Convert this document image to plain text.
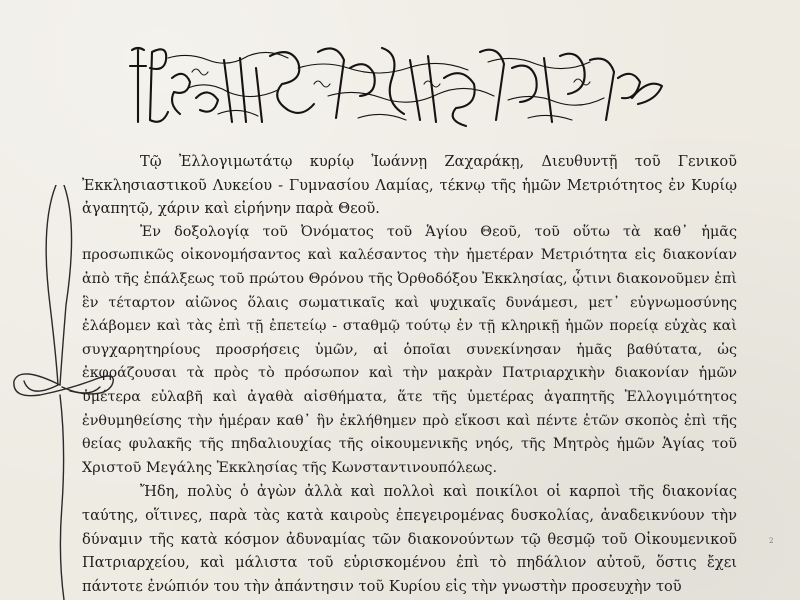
Τῷ Ἐλλογιμωτάτῳ κυρίῳ Ἰωάννῃ Ζαχαράκῃ, Διευθυντῇ τοῦ Γενικοῦ Ἐκκλησιαστικοῦ Λυκείου - Γυμνασίου Λαμίας, τέκνῳ τῆς ἡμῶν Μετριότητος ἐν Κυρίῳ ἀγαπητῷ, χάριν καὶ εἰρήνην παρὰ Θεοῦ.

Ἐν δοξολογίᾳ τοῦ Ὀνόματος τοῦ Ἁγίου Θεοῦ, τοῦ οὕτω τὰ καθ᾽ ἡμᾶς προσωπικῶς οἰκονομήσαντος καὶ καλέσαντος τὴν ἡμετέραν Μετριότητα εἰς διακονίαν ἀπὸ τῆς ἐπάλξεως τοῦ πρώτου Θρόνου τῆς Ὀρθοδόξου Ἐκκλησίας, ᾧτινι διακονοῦμεν ἐπὶ ἓν τέταρτον αἰῶνος ὅλαις σωματικαῖς καὶ ψυχικαῖς δυνάμεσι, μετ᾽ εὐγνωμοσύνης ἐλάβομεν καὶ τὰς ἐπὶ τῇ ἐπετείῳ - σταθμῷ τούτῳ ἐν τῇ κληρικῇ ἡμῶν πορείᾳ εὐχὰς καὶ συγχαρητηρίους προσρήσεις ὑμῶν, αἱ ὁποῖαι συνεκίνησαν ἡμᾶς βαθύτατα, ὡς ἐκφράζουσαι τὰ πρὸς τὸ πρόσωπον καὶ τὴν μακρὰν Πατριαρχικὴν διακονίαν ἡμῶν ὑμέτερα εὐλαβῆ καὶ ἀγαθὰ αἰσθήματα, ἅτε τῆς ὑμετέρας ἀγαπητῆς Ἐλλογιμότητος ἐνθυμηθείσης τὴν ἡμέραν καθ᾽ ἣν ἐκλήθημεν πρὸ εἴκοσι καὶ πέντε ἐτῶν σκοπὸς ἐπὶ τῆς θείας φυλακῆς τῆς πηδαλιουχίας τῆς οἰκουμενικῆς νηός, τῆς Μητρὸς ἡμῶν Ἁγίας τοῦ Χριστοῦ Μεγάλης Ἐκκλησίας τῆς Κωνσταντινουπόλεως.

Ἤδη, πολὺς ὁ ἀγὼν ἀλλὰ καὶ πολλοὶ καὶ ποικίλοι οἱ καρποὶ τῆς διακονίας ταύτης, οἵτινες, παρὰ τὰς κατὰ καιροὺς ἐπεγειρομένας δυσκολίας, ἀναδεικνύουν τὴν δύναμιν τῆς κατὰ κόσμον ἀδυναμίας τῶν διακονούντων τῷ θεσμῷ τοῦ Οἰκουμενικοῦ Πατριαρχείου, καὶ μάλιστα τοῦ εὑρισκομένου ἐπὶ τὸ πηδάλιον αὐτοῦ, ὅστις ἔχει πάντοτε ἐνώπιόν του τὴν ἀπάντησιν τοῦ Κυρίου εἰς τὴν γνωστὴν προσευχὴν τοῦ

2
